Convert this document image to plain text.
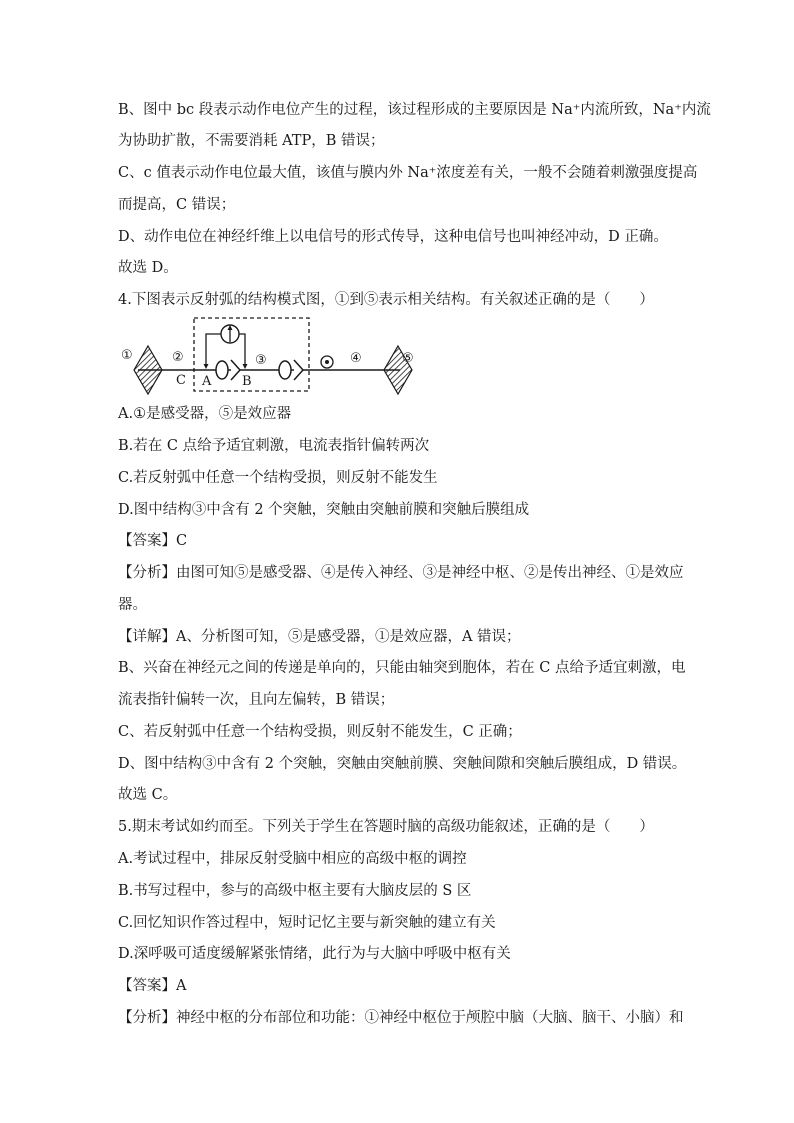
B、图中 bc 段表示动作电位产生的过程，该过程形成的主要原因是 Na⁺内流所致，Na⁺内流
为协助扩散，不需要消耗 ATP，B 错误；
C、c 值表示动作电位最大值，该值与膜内外 Na⁺浓度差有关，一般不会随着刺激强度提高
而提高，C 错误；
D、动作电位在神经纤维上以电信号的形式传导，这种电信号也叫神经冲动，D 正确。
故选 D。
4.下图表示反射弧的结构模式图，①到⑤表示相关结构。有关叙述正确的是（　　）
A.①是感受器，⑤是效应器
B.若在 C 点给予适宜刺激，电流表指针偏转两次
C.若反射弧中任意一个结构受损，则反射不能发生
D.图中结构③中含有 2 个突触，突触由突触前膜和突触后膜组成
【答案】C
【分析】由图可知⑤是感受器、④是传入神经、③是神经中枢、②是传出神经、①是效应
器。
【详解】A、分析图可知，⑤是感受器，①是效应器，A 错误；
B、兴奋在神经元之间的传递是单向的，只能由轴突到胞体，若在 C 点给予适宜刺激，电
流表指针偏转一次，且向左偏转，B 错误；
C、若反射弧中任意一个结构受损，则反射不能发生，C 正确；
D、图中结构③中含有 2 个突触，突触由突触前膜、突触间隙和突触后膜组成，D 错误。
故选 C。
5.期末考试如约而至。下列关于学生在答题时脑的高级功能叙述，正确的是（　　）
A.考试过程中，排尿反射受脑中相应的高级中枢的调控
B.书写过程中，参与的高级中枢主要有大脑皮层的 S 区
C.回忆知识作答过程中，短时记忆主要与新突触的建立有关
D.深呼吸可适度缓解紧张情绪，此行为与大脑中呼吸中枢有关
【答案】A
【分析】神经中枢的分布部位和功能：①神经中枢位于颅腔中脑（大脑、脑干、小脑）和
①	②
C A B
③	④	⑤
